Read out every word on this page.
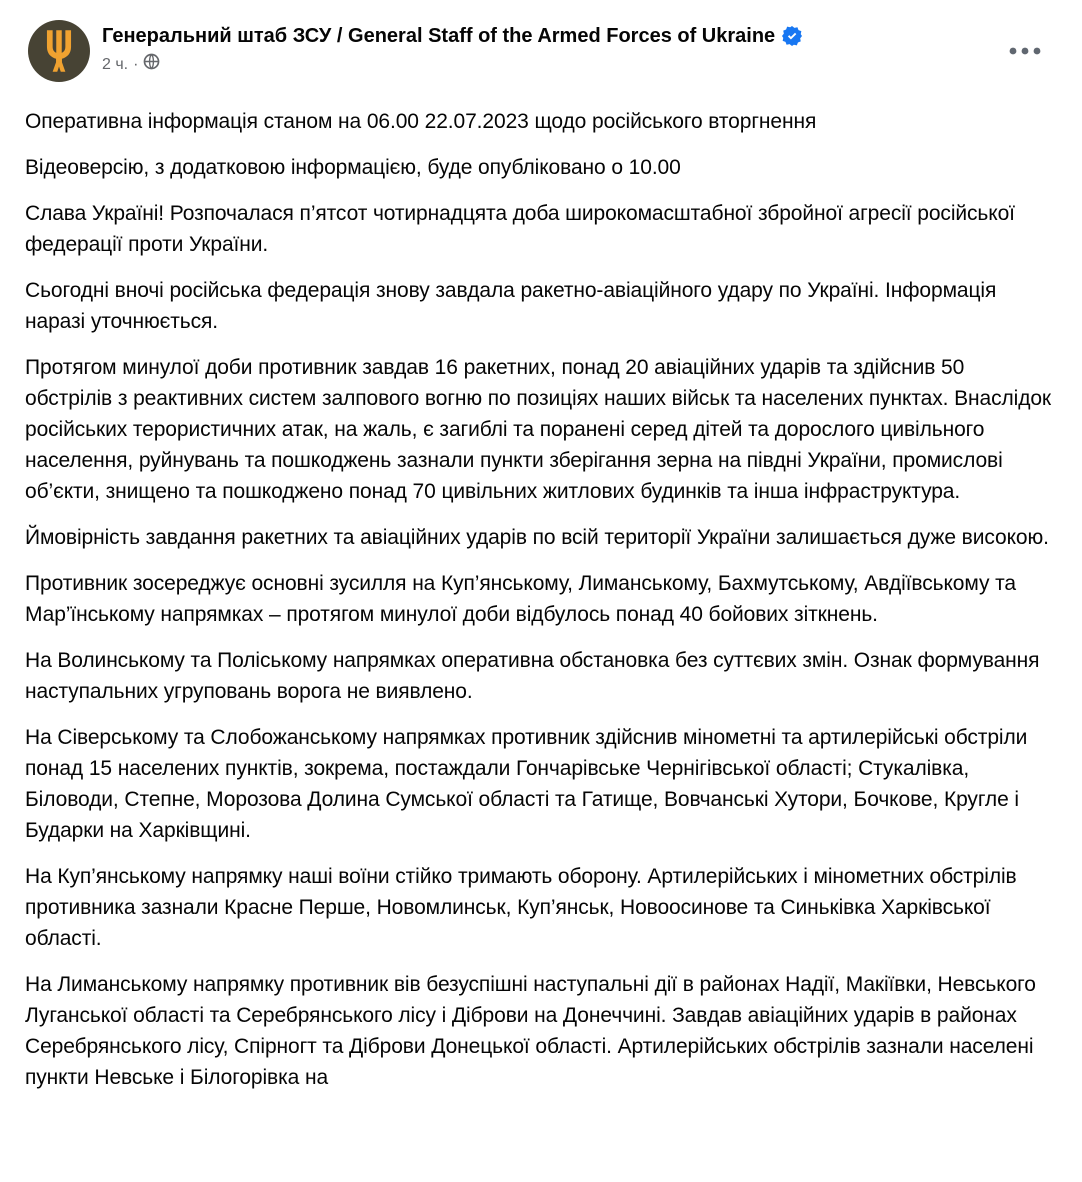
Генеральний штаб ЗСУ / General Staff of the Armed Forces of Ukraine
2 ч. ·

Оперативна інформація станом на 06.00 22.07.2023 щодо російського вторгнення

Відеоверсію, з додатковою інформацією, буде опубліковано о 10.00

Слава Україні! Розпочалася п’ятсот чотирнадцята доба широкомасштабної збройної агресії російської федерації проти України.

Сьогодні вночі російська федерація знову завдала ракетно-авіаційного удару по Україні. Інформація наразі уточнюється.

Протягом минулої доби противник завдав 16 ракетних, понад 20 авіаційних ударів та здійснив 50 обстрілів з реактивних систем залпового вогню по позиціях наших військ та населених пунктах. Внаслідок російських терористичних атак, на жаль, є загиблі та поранені серед дітей та дорослого цивільного населення, руйнувань та пошкоджень зазнали пункти зберігання зерна на півдні України, промислові об’єкти, знищено та пошкоджено понад 70 цивільних житлових будинків та інша інфраструктура.

Ймовірність завдання ракетних та авіаційних ударів по всій території України залишається дуже високою.

Противник зосереджує основні зусилля на Куп’янському, Лиманському, Бахмутському, Авдіївському та Мар’їнському напрямках – протягом минулої доби відбулось понад 40 бойових зіткнень.

На Волинському та Поліському напрямках оперативна обстановка без суттєвих змін. Ознак формування наступальних угруповань ворога не виявлено.

На Сіверському та Слобожанському напрямках противник здійснив мінометні та артилерійські обстріли понад 15 населених пунктів, зокрема, постаждали Гончарівське Чернігівської області; Стукалівка, Біловоди, Степне, Морозова Долина Сумської області та Гатище, Вовчанські Хутори, Бочкове, Кругле і Бударки на Харківщині.

На Куп’янському напрямку наші воїни стійко тримають оборону. Артилерійських і мінометних обстрілів противника зазнали Красне Перше, Новомлинськ, Куп’янськ, Новоосинове та Синьківка Харківської області.

На Лиманському напрямку противник вів безуспішні наступальні дії в районах Надії, Макіївки, Невського Луганської області та Серебрянського лісу і Діброви на Донеччині. Завдав авіаційних ударів в районах Серебрянського лісу, Спірногт та Діброви Донецької області. Артилерійських обстрілів зазнали населені пункти Невське і Білогорівка на
